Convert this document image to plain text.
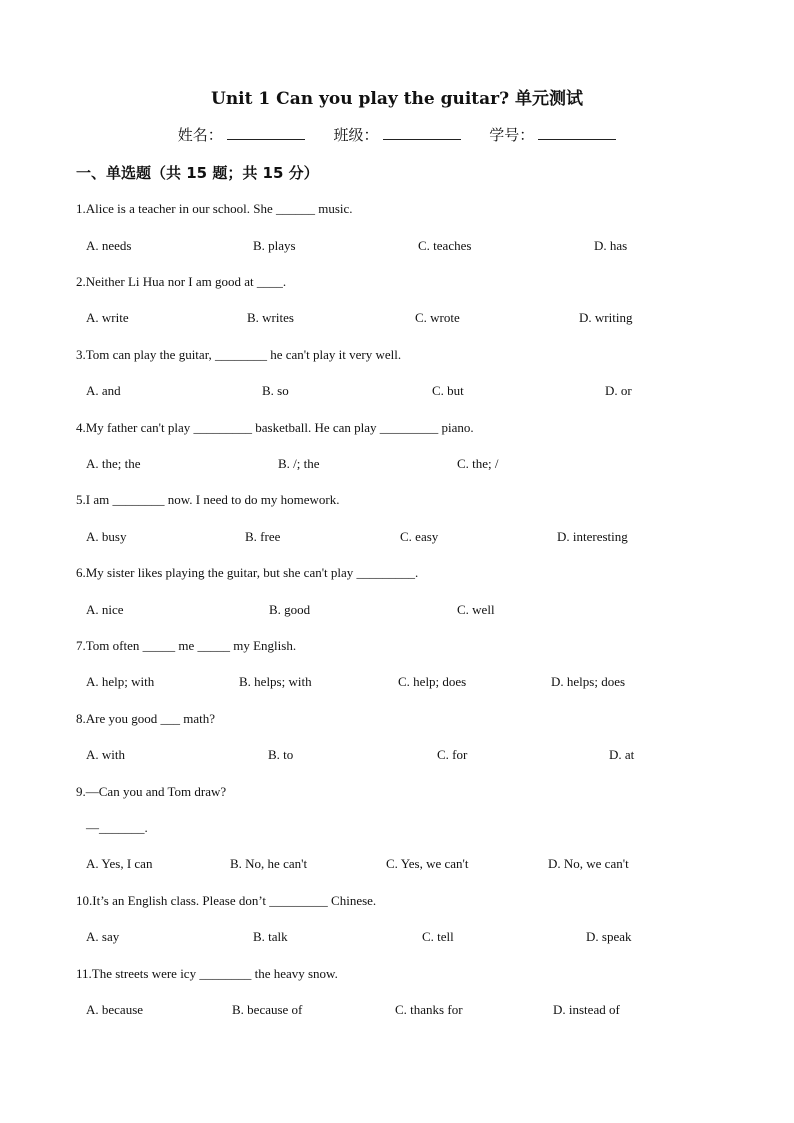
Unit 1 Can you play the guitar? 单元测试
姓名：	班级：	学号：
一、单选题（共 15 题；共 15 分）
1.Alice is a teacher in our school. She ______ music.
A. needs	B. plays	C. teaches	D. has
2.Neither Li Hua nor I am good at ____.
A. write	B. writes	C. wrote	D. writing
3.Tom can play the guitar, ________ he can't play it very well.
A. and	B. so	C. but	D. or
4.My father can't play _________ basketball. He can play _________ piano.
A. the; the	B. /; the	C. the; /
5.I am ________ now. I need to do my homework.
A. busy	B. free	C. easy	D. interesting
6.My sister likes playing the guitar, but she can't play _________.
A. nice	B. good	C. well
7.Tom often _____ me _____ my English.
A. help; with	B. helps; with	C. help; does	D. helps; does
8.Are you good ___ math?
A. with	B. to	C. for	D. at
9.—Can you and Tom draw?
—_______.
A. Yes, I can	B. No, he can't	C. Yes, we can't	D. No, we can't
10.It’s an English class. Please don’t _________ Chinese.
A. say	B. talk	C. tell	D. speak
11.The streets were icy ________ the heavy snow.
A. because	B. because of	C. thanks for	D. instead of
